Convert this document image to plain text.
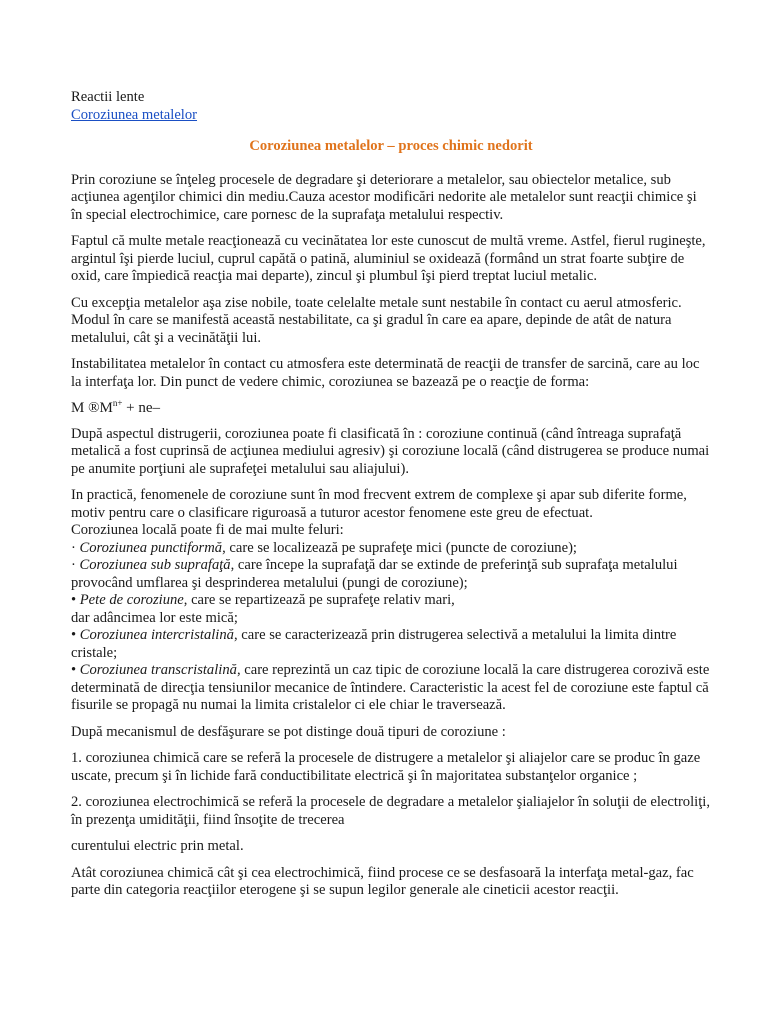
Reactii lente
Coroziunea metalelor
Coroziunea metalelor – proces chimic nedorit

Prin coroziune se înţeleg procesele de degradare şi deteriorare a metalelor, sau obiectelor metalice, sub acţiunea agenţilor chimici din mediu.Cauza acestor modificări nedorite ale metalelor sunt reacţii chimice şi în special electrochimice, care pornesc de la suprafaţa metalului respectiv.

Faptul că multe metale reacţionează cu vecinătatea lor este cunoscut de multă vreme. Astfel, fierul rugineşte, argintul îşi pierde luciul, cuprul capătă o patină, aluminiul se oxidează (formând un strat foarte subţire de oxid, care împiedică reacţia mai departe), zincul şi plumbul îşi pierd treptat luciul metalic.

Cu excepţia metalelor aşa zise nobile, toate celelalte metale sunt nestabile în contact cu aerul atmosferic. Modul în care se manifestă această nestabilitate, ca şi gradul în care ea apare, depinde de atât de natura metalului, cât şi a vecinătăţii lui.

Instabilitatea metalelor în contact cu atmosfera este determinată de reacţii de transfer de sarcină, care au loc la interfaţa lor. Din punct de vedere chimic, coroziunea se bazează pe o reacţie de forma:

M $®M^{n+} + ne-$

După aspectul distrugerii, coroziunea poate fi clasificată în : coroziune continuă (când întreaga suprafaţă metalică a fost cuprinsă de acţiunea mediului agresiv) şi coroziune locală (când distrugerea se produce numai pe anumite porţiuni ale suprafeţei metalului sau aliajului).

In practică, fenomenele de coroziune sunt în mod frecvent extrem de complexe şi apar sub diferite forme, motiv pentru care o clasificare riguroasă a tuturor acestor fenomene este greu de efectuat.

Coroziunea locală poate fi de mai multe feluri:

· Coroziunea punctiformă, care se localizează pe suprafeţe mici (puncte de coroziune);
· Coroziunea sub suprafaţă, care începe la suprafaţă dar se extinde de preferinţă sub suprafaţa metalului provocând umflarea şi desprinderea metalului (pungi de coroziune);
• Pete de coroziune, care se repartizează pe suprafeţe relativ mari,
dar adâncimea lor este mică;
• Coroziunea intercristalină, care se caracterizează prin distrugerea selectivă a metalului la limita dintre cristale;
• Coroziunea transcristalină, care reprezintă un caz tipic de coroziune locală la care distrugerea corozivă este determinată de direcţia tensiunilor mecanice de întindere. Caracteristic la acest fel de coroziune este faptul că fisurile se propagă nu numai la limita cristalelor ci ele chiar le traversează.

După mecanismul de desfăşurare se pot distinge două tipuri de coroziune :

1. coroziunea chimică care se referă la procesele de distrugere a metalelor şi aliajelor care se produc în gaze uscate, precum şi în lichide fară conductibilitate electrică şi în majoritatea substanţelor organice ;

2. coroziunea electrochimică se referă la procesele de degradare a metalelor şialiajelor în soluţii de electroliţi, în prezenţa umidităţii, fiind însoţite de trecerea

curentului electric prin metal.

Atât coroziunea chimică cât şi cea electrochimică, fiind procese ce se desfasoară la interfaţa metal-gaz, fac parte din categoria reacţiilor eterogene şi se supun legilor generale ale cineticii acestor reacţii.
